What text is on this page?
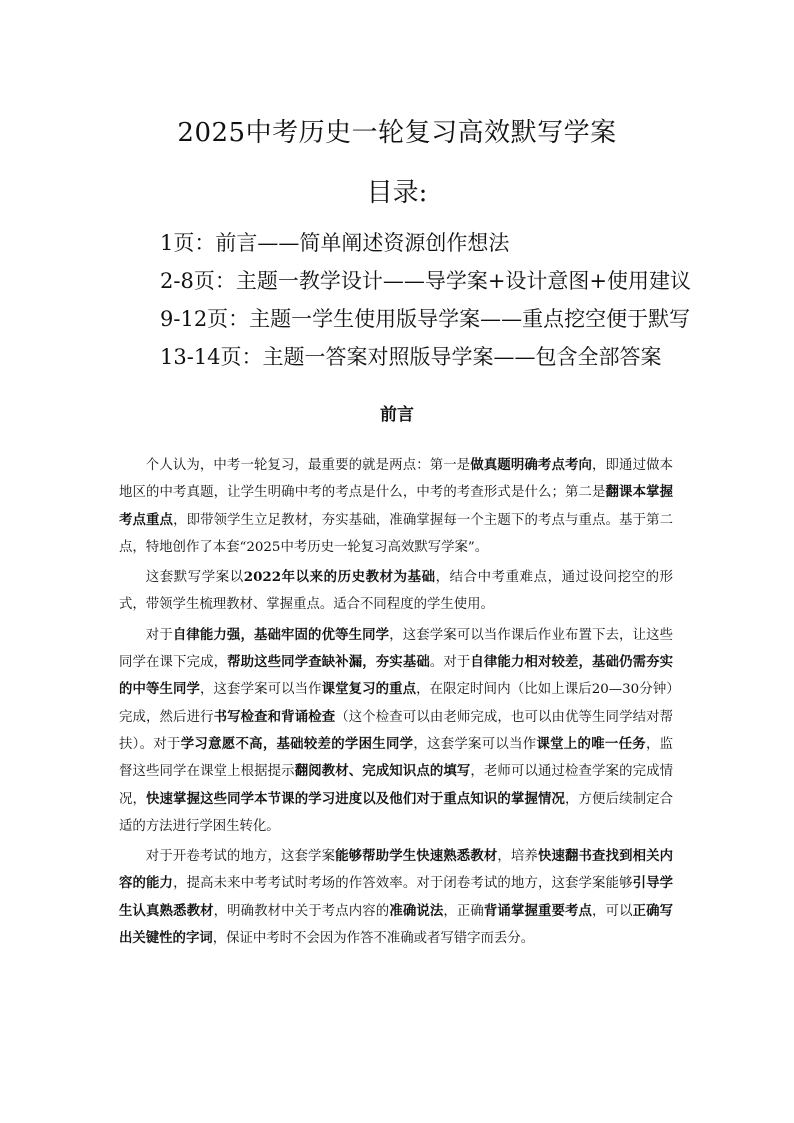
2025中考历史一轮复习高效默写学案
目录:
1页：前言——简单阐述资源创作想法
2-8页：主题一教学设计——导学案+设计意图+使用建议
9-12页：主题一学生使用版导学案——重点挖空便于默写
13-14页：主题一答案对照版导学案——包含全部答案
前言

个人认为，中考一轮复习，最重要的就是两点：第一是做真题明确考点考向，即通过做本地区的中考真题，让学生明确中考的考点是什么，中考的考查形式是什么；第二是翻课本掌握考点重点，即带领学生立足教材，夯实基础，准确掌握每一个主题下的考点与重点。基于第二点，特地创作了本套“2025中考历史一轮复习高效默写学案”。

这套默写学案以2022年以来的历史教材为基础，结合中考重难点，通过设问挖空的形式，带领学生梳理教材、掌握重点。适合不同程度的学生使用。

对于自律能力强，基础牢固的优等生同学，这套学案可以当作课后作业布置下去，让这些同学在课下完成，帮助这些同学查缺补漏，夯实基础。对于自律能力相对较差，基础仍需夯实的中等生同学，这套学案可以当作课堂复习的重点，在限定时间内（比如上课后20—30分钟）完成，然后进行书写检查和背诵检查（这个检查可以由老师完成，也可以由优等生同学结对帮扶）。对于学习意愿不高，基础较差的学困生同学，这套学案可以当作课堂上的唯一任务，监督这些同学在课堂上根据提示翻阅教材、完成知识点的填写，老师可以通过检查学案的完成情况，快速掌握这些同学本节课的学习进度以及他们对于重点知识的掌握情况，方便后续制定合适的方法进行学困生转化。

对于开卷考试的地方，这套学案能够帮助学生快速熟悉教材，培养快速翻书查找到相关内容的能力，提高未来中考考试时考场的作答效率。对于闭卷考试的地方，这套学案能够引导学生认真熟悉教材，明确教材中关于考点内容的准确说法，正确背诵掌握重要考点，可以正确写出关键性的字词，保证中考时不会因为作答不准确或者写错字而丢分。
